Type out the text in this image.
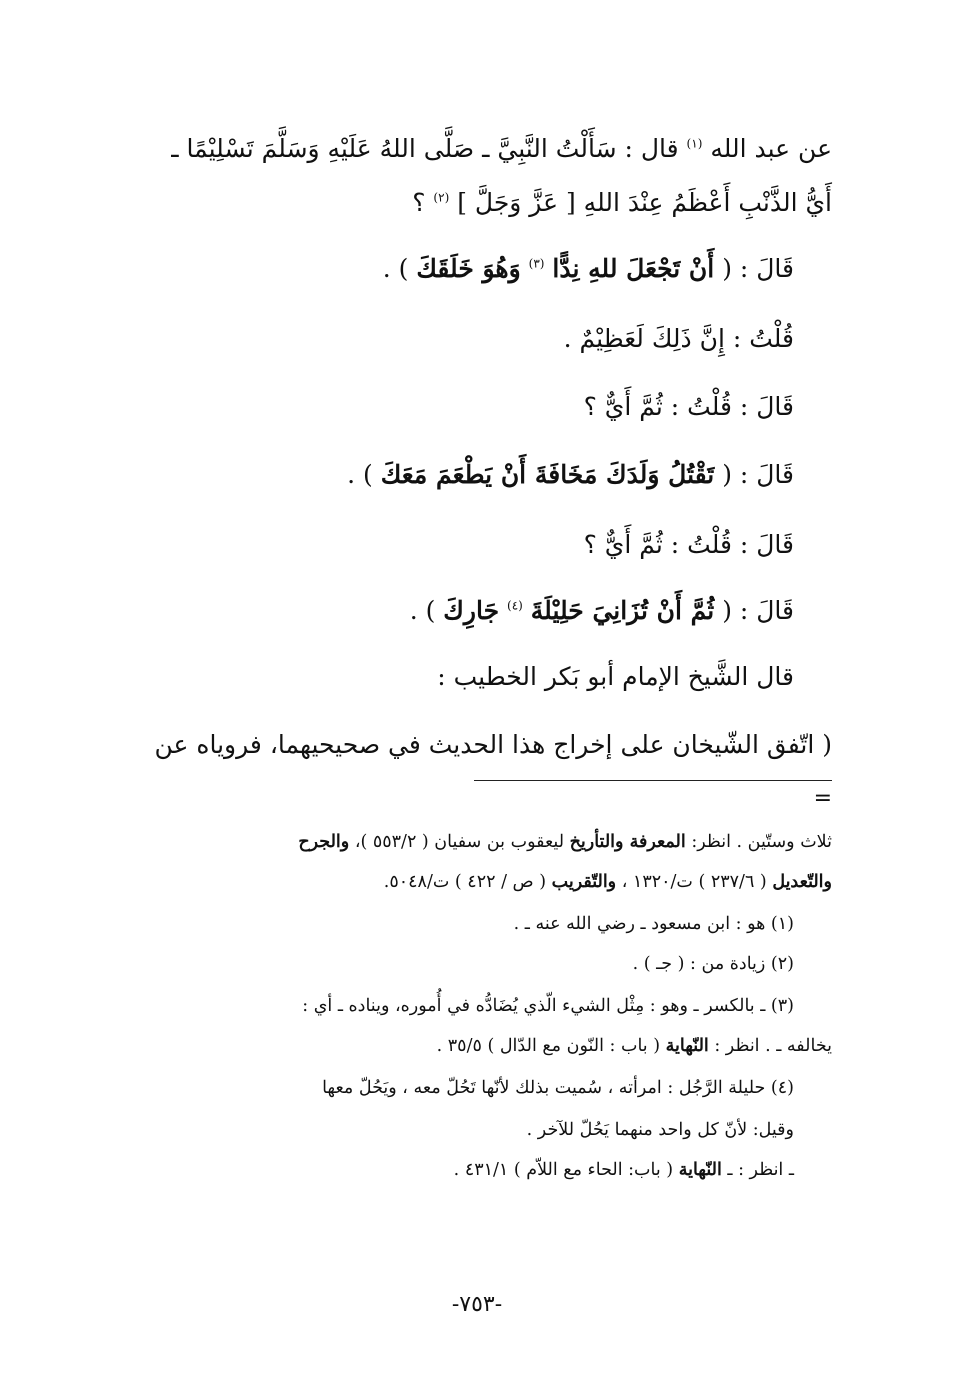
عن عبد الله $^{(١)}$ قال : سَأَلْتُ النَّبِيَّ ـ صَلَّى اللهُ عَلَيْهِ وَسَلَّمَ تَسْلِيْمًا ـ
أَيُّ الذَّنْبِ أَعْظَمُ عِنْدَ اللهِ [ عَزَّ وَجَلَّ ] $^{(٢)}$ ؟
قَالَ : ( أَنْ تَجْعَلَ للهِ نِدًّا $^{(٣)}$ وَهُوَ خَلَقَكَ ) .
قُلْتُ : إِنَّ ذَلِكَ لَعَظِيْمٌ .
قَالَ : قُلْتُ : ثُمَّ أَيٌّ ؟
قَالَ : ( تَقْتُلُ وَلَدَكَ مَخَافَةَ أَنْ يَطْعَمَ مَعَكَ ) .
قَالَ : قُلْتُ : ثُمَّ أَيٌّ ؟
قَالَ : ( ثُمَّ أَنْ تُزَانِيَ حَلِيْلَةَ $^{(٤)}$ جَارِكَ ) .
قال الشَّيخ الإمام أبو بَكر الخطيب :
( اتّفق الشّيخان على إخراج هذا الحديث في صحيحيهما، فروياه عن
=
ثلاث وستّين . انظر: المعرفة والتأريخ ليعقوب بن سفيان ( ٥٥٣/٢ )، والجرح
والتّعديل ( ٢٣٧/٦ ) ت/١٣٢٠ ، والتّقريب ( ص / ٤٢٢ ) ت/٥٠٤٨.
(١) هو : ابن مسعود ـ رضي الله عنه ـ .
(٢) زيادة من : ( جـ ) .
(٣) ـ بالكسر ـ وهو : مِثْل الشيء الّذي يُضَادُّه في أُموره، ويناده ـ أي :
يخالفه ـ . انظر : النّهاية ( باب : النّون مع الدّال ) ٣٥/٥ .
(٤) حليلة الرَّجُل : امرأته ، سُميت بذلك لأنّها تَحُلّ معه ، ويَحُلّ معها
وقيل: لأنّ كل واحد منهما يَحُلّ للآخر .
ـ انظر : ـ النّهاية ( باب: الحاء مع اللاّم ) ٤٣١/١ .
-٧٥٣-
